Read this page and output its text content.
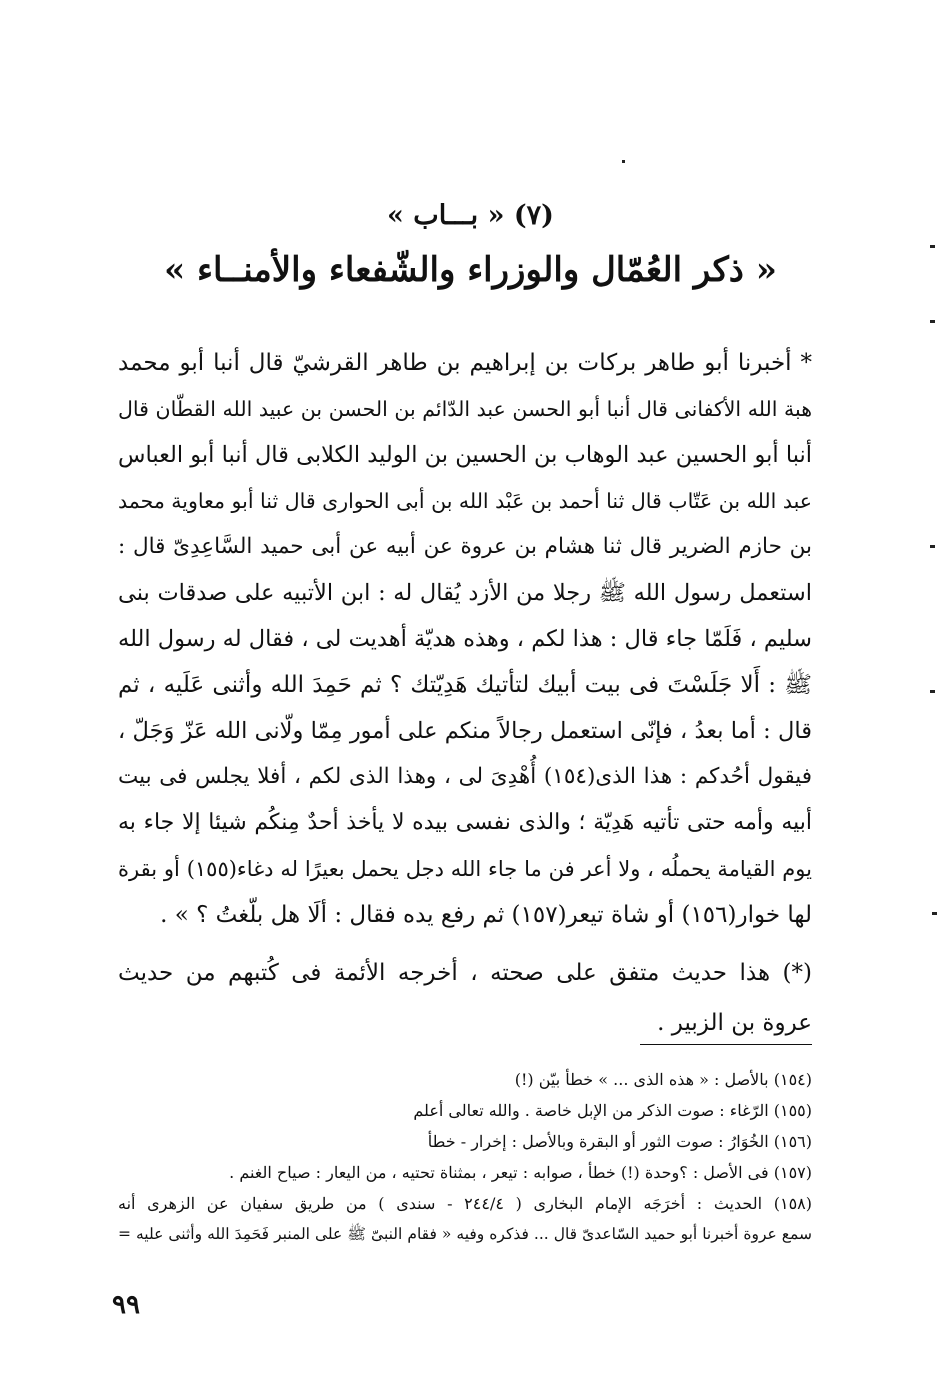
(٧) « بـــاب »
« ذكر العُمّال والوزراء والشّفعاء والأمنــاء »
* أخبرنا أبو طاهر بركات بن إبراهيم بن طاهر القرشيّ قال أنبا أبو محمد
هبة الله الأكفانى قال أنبا أبو الحسن عبد الدّائم بن الحسن بن عبيد الله القطّان قال
أنبا أبو الحسين عبد الوهاب بن الحسين بن الوليد الكلابى قال أنبا أبو العباس
عبد الله بن عَتّاب قال ثنا أحمد بن عَبْد الله بن أبى الحوارى قال ثنا أبو معاوية محمد
بن حازم الضرير قال ثنا هشام بن عروة عن أبيه عن أبى حميد السَّاعِدِىّ قال :
استعمل رسول الله ﷺ رجلا من الأزد يُقال له : ابن الأتبيه على صدقات بنى
سليم ، فَلَمّا جاء قال : هذا لكم ، وهذه هديّة أهديت لى ، فقال له رسول الله
ﷺ : أَلا جَلَسْتَ فى بيت أبيك لتأتيك هَدِيّتك ؟ ثم حَمِدَ الله وأثنى عَلَيه ، ثم
قال : أما بعدُ ، فإنّى استعمل رجالاً منكم على أمور مِمّا ولّانى الله عَزّ وَجَلّ ،
فيقول أحُدكم : هذا الذى(١٥٤) أُهْدِىَ لى ، وهذا الذى لكم ، أفلا يجلس فى بيت
أبيه وأمه حتى تأتيه هَدِيّة ؛ والذى نفسى بيده لا يأخذ أحدٌ مِنكُم شيئا إلا جاء به
يوم القيامة يحملُه ، ولا أعر فن ما جاء الله دجل يحمل بعيرًا له دغاء(١٥٥) أو بقرة
لها خوار(١٥٦) أو شاة تيعر(١٥٧) ثم رفع يده فقال : ألَا هل بلّغتُ ؟ » .
(*) هذا حديث متفق على صحته ، أخرجه الأئمة فى كُتبهم من حديث
عروة بن الزبير .
(١٥٤) بالأصل : « هذه الذى ... » خطأ بيّن (!)
(١٥٥) الرّغاء : صوت الذكر من الإبل خاصة . والله تعالى أعلم
(١٥٦) الخُوَارُ : صوت الثور أو البقرة وبالأصل : إخرار - خطأ
(١٥٧) فى الأصل : ؟وحدة (!) خطأ ، صوابه : تيعر ، بمثناة تحتيه ، من اليعار : صياح الغنم .
(١٥٨) الحديث : أخرَجَه الإمام البخارى ( ٢٤٤/٤ - سندى ) من طريق سفيان عن الزهرى أنه
سمع عروة أخبرنا أبو حميد السّاعدىّ قال ... فذكره وفيه « فقام النبىّ ﷺ على المنبر فَحَمِدَ الله وأثنى عليه =
٩٩
